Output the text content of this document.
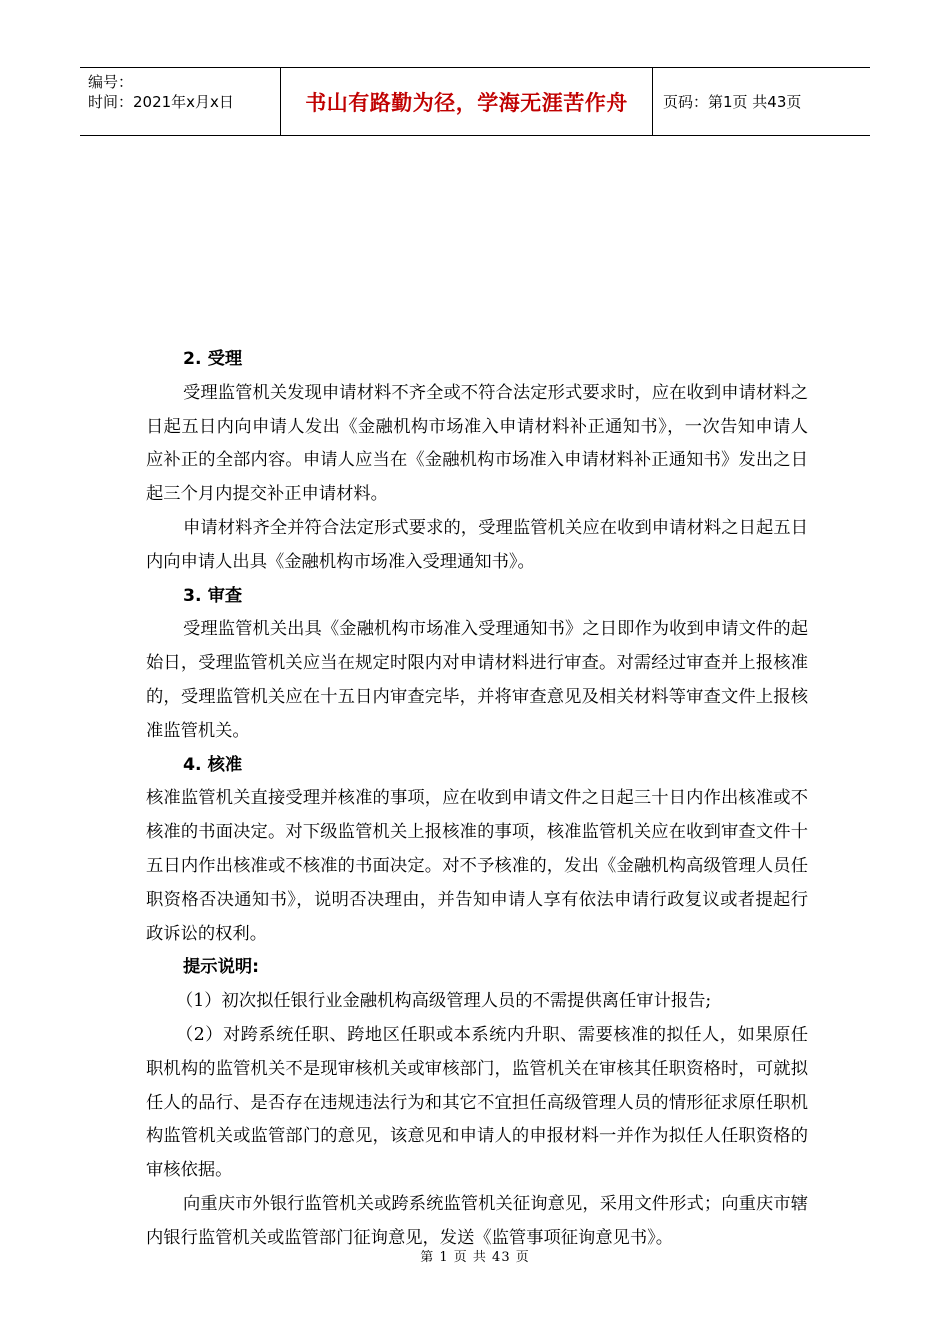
编号：
时间：2021年x月x日	书山有路勤为径，学海无涯苦作舟	页码：第1页 共43页

2. 受理

受理监管机关发现申请材料不齐全或不符合法定形式要求时，应在收到申请材料之日起五日内向申请人发出《金融机构市场准入申请材料补正通知书》，一次告知申请人应补正的全部内容。申请人应当在《金融机构市场准入申请材料补正通知书》发出之日起三个月内提交补正申请材料。

申请材料齐全并符合法定形式要求的，受理监管机关应在收到申请材料之日起五日内向申请人出具《金融机构市场准入受理通知书》。

3. 审查

受理监管机关出具《金融机构市场准入受理通知书》之日即作为收到申请文件的起始日，受理监管机关应当在规定时限内对申请材料进行审查。对需经过审查并上报核准的，受理监管机关应在十五日内审查完毕，并将审查意见及相关材料等审查文件上报核准监管机关。

4. 核准

核准监管机关直接受理并核准的事项，应在收到申请文件之日起三十日内作出核准或不核准的书面决定。对下级监管机关上报核准的事项，核准监管机关应在收到审查文件十五日内作出核准或不核准的书面决定。对不予核准的，发出《金融机构高级管理人员任职资格否决通知书》，说明否决理由，并告知申请人享有依法申请行政复议或者提起行政诉讼的权利。

提示说明:

（1）初次拟任银行业金融机构高级管理人员的不需提供离任审计报告;

（2）对跨系统任职、跨地区任职或本系统内升职、需要核准的拟任人，如果原任职机构的监管机关不是现审核机关或审核部门，监管机关在审核其任职资格时，可就拟任人的品行、是否存在违规违法行为和其它不宜担任高级管理人员的情形征求原任职机构监管机关或监管部门的意见，该意见和申请人的申报材料一并作为拟任人任职资格的审核依据。

向重庆市外银行监管机关或跨系统监管机关征询意见，采用文件形式；向重庆市辖内银行监管机关或监管部门征询意见，发送《监管事项征询意见书》。

第 1 页 共 43 页
